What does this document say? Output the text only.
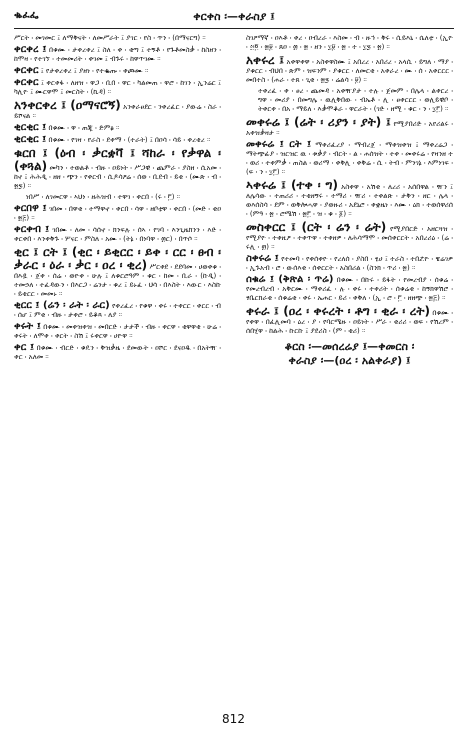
ቈፈፌ	ቀርቀስ ፡—ቀራስያ ፤

ሥርት ፡ መገመር ፤ ለማቅናት ፡ ለመሥራት ፤ ያገር ፡ የስ ፡ ጥን ፡ (በማናርግ) ።

ቀርቀረ ፤ በቁሙ ፡ ታቀረቀረ ፤ ስለ ፡ ቀ ፡ ቂጣ ፤ ተኝቶ ፡ የጉቶመስቃ ፡ ከስዘን ፡ ከሞዛ ፡ የተገኘ ፡ ተመመሪት ፡ ቀገመ ፤ ብጉሩ ፡ ከዋጥገሙ ።

ቀርቀር ፤ የታቀረቀረ ፤ ያዘነ ፡ የተቈጡ ፡ ቀጮሙ ።

ቀርቀር ፤ ቀርቀፋ ፡ ለዘዝ ፡ ዋጋ ፡ ቢበ ፡ ዋር ፡ ካልመጠ ፡ ዋሮ ፡ ከገን ፡ ኢንሬር ፤ ካሊዮ ፤ ሙርዋሞ ፤ መርስት ፡ (ኪዳ) ።

አንቀርቀረ ፤ (ዐማናሮኝ) አንቀራፀደር ፡ ንቀረፈር ፡ ያውሬ ፡ ስራ ፡ ይሾናል ።

ቂርቂር ፤ በቁሙ ፡ ዋ ፡ ጠጂ ፡ ድምፅ ።

ቂርቂር ፤ በቁሙ ፡ የገዛ ፡ የራስ ፡ ደቀማ ፡ (ተራት) ፤ በዐሳ ፡ ሳይ ፡ ቀረቂረ ።

ቁርበ ፤ (ዕብ ፡ ቃርቋቫ ፤ ሻከራ ፡ የቃዋል ፡ (ቀጓል) መካን ፡ ተወልቶ ፡ ብዙ ፡ ዐይነት ፡ ሥጋዊ ፡ ጨምራ ፡ ያስዘ ፡ ሲአመ ፡ ከኖ ፤ ሕሕዲ ፡ ዘዘ ፡ ጭን ፡ የቀርብ ፡ ሲዶሳዖሬ ፡ ሰወ ፡ ቢደብ ፡ ይቂ ፡ (ሙጽ ፡ ብ ፡ ፳፯) ።

ነበሥ ፡ ለገመርዋ ፡ ኣህነ ፡ ዘሕዝብ ፡ ተዋገ ፡ ቀርበ ፡ (ሩ ፡ ፫) ።

ቀርበዋ ፤ ገበመ ፡ በዋቂ ፡ ተማዋኖ ፡ ቀርበ ፡ ሳዋ ፡ ዘቦቲዋ ፡ ቀርበ ፡ (መድ ፡ ቂዐ ፡ ፳፭) ።

ቀርቀብ ፤ ገበሙ ፡ ለመ ፡ ሳሰኖ ፡ ክንፍሉ ፡ ሰኣ ፡ የገባ ፡ እንጊዜክንን ፡ እድ ፡ ቀርቀበ ፡ እንቀቅጉ ፡ ሦናር ፡ ምስለ ፡ አሙ ፡ (ትኔ ፡ በነባዋ ፡ ፴ር) ፡ በጥሶ ።

ቂር ፤ ርት ፤ (ቂር ፡ ይቂርር ፡ ይቀ ፡ ርር ፡ ፀብ ፡ ቃራር ፡ ዕራ ፡ ቃር ፡ ዐረ ፡ ቂረ) ሥርቀደ ፡ ደደባመ ፡ ሀወቀቁ ፡ በእዷ ፡ ጀቀ ፡ ሰሬ ፡ ወዮቀ ፡ ሁሉ ፤ ለቁርሮዓም ፡ ቁር ፡ ከመ ፡ ቢራ ፡ (ኩዲ) ፡ ተመኃለ ፡ ተፈዳውን ፡ በእርጋ ፡ ሬንታ ፡ ቁረ ፤ ይኑፈ ፡ ህሳ ፡ በእስት ፡ እውር ፡ እስኩ ፡ ይቂርር ፡ መመኑ ።

ቂርር ፤ (ሬን ፡ ራት ፡ ራር) የቀረፈረ ፡ የቁዋ ፡ ቀሩ ፡ ተቀርር ፡ ቀርር ፡ ብ ፡ ሰሆ ፤ ምቂ ፡ ብዙ ፡ ታቀሮ ፡ ይቆጻ ፡ ለያ ።

ቀሩት ፤ በቁሙ ፡ መቀዝቀዝ ፡ መበርድ ፡ ታታች ፡ ብዙ ፡ ቀርዋ ፡ ቂዋዋቂ ፡ ሁሬ ፡ ቀሩት ፡ ለሞቀ ፡ ቀርት ፡ ስሽ ፤ ሩቀርዋ ፡ ሀዮዋ ።

ቀር ፤ በቁሙ ፡ ብርድ ፡ ቁዴን ፡ ቅዝቃዜ ፡ ደመውት ፡ ዐሾር ፡ ደናዐዱ ፡ በአትዥ ፡ ቀር ፡ አለመ ።

ስገዖማኛ ፡ ዐእቶ ፡ ቀረ ፡ ዐብረራ ፡ እስመ ፡ ብ ፡ ዙኅ ፡ ቅሩ ፡ ሲይእኒ ፡ ሴለቲ ፡ (ኢዮ ፡ ፵፬ ፡ ፳፱ ፡ ጸዐ ፡ ፴ ፡ ፳ ፡ ዘን ፡ ፲፱ ፡ ፳ ፡ ተ ፡ ፲፯ ፡ ፳) ።

አቀሩረ ፤ አቀዋቀዋ ፡ አስቀዋስሙ ፤ አበረረ ፡ አበሪረ ፡ አላሲ ፡ ይግለ ፡ ማያ ፡ ያቁርር ፡ ብህበ ፡ ጽም ፡ ዝፍንም ፡ ያቁርር ፡ ለመርቂ ፡ አቀራረ ፡ ሙ ፡ ሰ ፡ አቀርርር ፡ መበተስ ፡ (ሐራ ፡ ተጸ ፡ ጊቂ ፡ ፳፯ ፡ ሬልሳ ፡ ፱) ።

ተቀረፈ ፡ ቀ ፡ ፀረ ፡ ጨመዳ ፡ አቀዥያታ ፡ ተሉ ፡ ጀመም ፡ በሌላ ፡ ልቀርረ ፡ ግዋ ፡ መሪያ ፡ በመግሌ ፡ ዉሊቅበው ፡ ብኤቶ ፡ ሊ ፡ ፀቀርርር ፡ ወሊይዊቦ ፡ ትቀርቀ ፡ በአ ፡ ማይለ ፡ እቃሞቆራ ፡ ዋርራት ፡ (ገድ ፡ ዘሚ ፡ ቁር ፡ ን ፡ ፲፫) ።

መቀሩሬ ፤ (ሬት ፡ ሪያን ፡ ያት) ፤ የሚያበሪድ ፡ አየሪልሩ ፡ አቀዝቃዛታ ።

መቀሩሬ ፤ ርት ፤ ማቀሪፈረያ ፡ ማብረጀ ፡ ማቀዝቀዝ ፤ ማቀረሬጋ ፡ ማትጭፊያ ፡ ዝርዝር ዉ ፡ ቱቃያ ፡ ብርት ፡ ል ፡ ሐሰዝት ፡ ተቀ ፡ መቀሩሬ ፡ የዛንዘ ተ ፡ ወሪ ፡ ተቀምቃ ፡ ጠስል ፡ ወሪማ ፡ ቀቅሊ ፡ ቀቅሬ ፡ ሲ ፡ ትብ ፡ ምንገኔ ፡ እምነገፍ ፡ (ፍ ፡ ን ፡ ፲፫) ።

ኣቀሩሬ ፤ (ተቀ ፡ ግ) አስቀዋ ፡ አሽቂ ፡ ለረሪ ፡ አሰበዋል ፡ ዥን ፤ ለሌሳው ፡ ተጠሪሪ ፡ ተቂዘኝሩ ፡ ተማሪ ፡ ዥሪ ፡ ተቀልጽ ፡ ታቅን ፡ ዘር ፡ ሌላ ፡ ወእሰስሳ ፡ ደም ፡ ወቅሎሓዋ ፡ ያወዙሪ ፡ አደኒሮ ፡ ቀቋዜነ ፡ እሙ ፡ ዕክ ፡ ተወሰዋሪሰ ፡ (ምዓ ፡ ፳ ፡ ሮሜሽ ፡ ፳፫ ፡ ዝ ፡ ቁ ፡ ፩) ።

መስቀርር ፤ (ርት ፡ ሬን ፡ ሬት) የሚያበርድ ፡ አዘርጓዝ ፡ የሚያዮ ፡ ተቀዚዖ ፡ ተቀጥዋ ፡ ተቀዘዎ ፡ ለሕሳማሞ ፡ መሰቀርርት ፡ አበረሪዕ ፡ (ሬ ፡ ሩሊ ፡ ፴) ።

ስቀሩሬ ፤ የተመባ ፡ የቀሰቀዮ ፡ የረለሰ ፡ ያስበ ፡ ፂሀ ፤ ተራስ ፡ ተበሯዮ ፡ ዌሬገዎ ፡ ኢጉአብ ፡ ሮ ፡ ውሰእቂ ፡ ሰቀርርት ፡ አስበሪል ፡ (ስንክ ፡ ጥሪ ፡ ፳) ።

ሰቁሬ ፤ (ቅጽል ፡ ጥሬ) በቁሙ ፡ በኩሩ ፡ ይፋት ፡ የመረብያ ፡ ሰቁሬ ፡ የመረብረብ ፡ አቅርሙ ፡ ማቀሪፈ ፡ ሉ ፡ ቀሩ ፡ ተቀሪት ፡ ሰቁሬቂ ፡ ከኝክዋሽሮ ፡ ፃቤርክራቂ ፡ ሰቁሬቂ ፡ ቀሩ ፡ ኤሐር ፡ ይሪ ፡ ቀቅለ ፡ (ኢ ፡ ሮ ፡ ፫ ፡ ዘዘጭ ፡ ፳፭) ።

ቀሩራ ፤ (ዐረ ፡ ቀሩረት ፡ ቶግ ፡ ቂራ ፡ ረት) በቁሙ ፡ የቀዋ ፡ በፈሊመባ ፡ ዕረ ፡ ያ ፡ የባርሜዙ ፡ ዐይነት ፡ ሥራ ፡ ቂሪሪ ፡ ወፍ ፡ የሽረም ፡ ሰበሂዋ ፡ ከልሕ ፡ ኩርኩ ፤ ያደሪስ ፡ (ም ፡ ቂሪ) ።

ቆርስ ፡—መሰረሬያ ፤—ቀመርስ ፡
ቀራስያ ፡—(ዐረ ፡ አልቀራያ) ፤
812
